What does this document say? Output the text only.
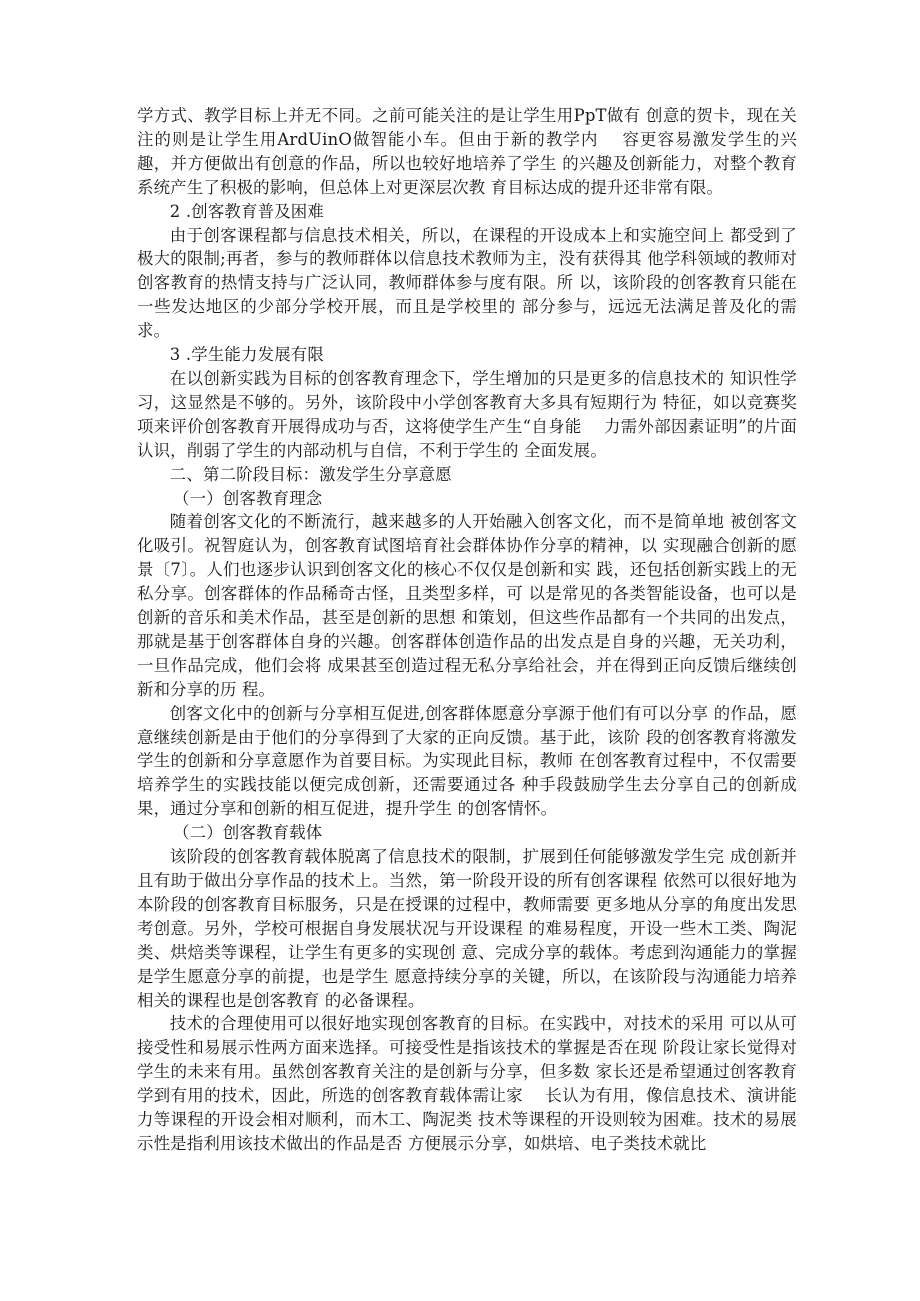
学方式、教学目标上并无不同。之前可能关注的是让学生用PpT做有 创意的贺卡，现在关注的则是让学生用ArdUinO做智能小车。但由于新的教学内　 容更容易激发学生的兴趣，并方便做出有创意的作品，所以也较好地培养了学生 的兴趣及创新能力，对整个教育系统产生了积极的影响，但总体上对更深层次教 育目标达成的提升还非常有限。

2 .创客教育普及困难

由于创客课程都与信息技术相关，所以，在课程的开设成本上和实施空间上 都受到了极大的限制;再者，参与的教师群体以信息技术教师为主，没有获得其 他学科领域的教师对创客教育的热情支持与广泛认同，教师群体参与度有限。所 以，该阶段的创客教育只能在一些发达地区的少部分学校开展，而且是学校里的 部分参与，远远无法满足普及化的需求。

3 .学生能力发展有限

在以创新实践为目标的创客教育理念下，学生增加的只是更多的信息技术的 知识性学习，这显然是不够的。另外，该阶段中小学创客教育大多具有短期行为 特征，如以竞赛奖项来评价创客教育开展得成功与否，这将使学生产生“自身能　 力需外部因素证明”的片面认识，削弱了学生的内部动机与自信，不利于学生的 全面发展。

二、第二阶段目标：激发学生分享意愿

（一）创客教育理念

随着创客文化的不断流行，越来越多的人开始融入创客文化，而不是简单地 被创客文化吸引。祝智庭认为，创客教育试图培育社会群体协作分享的精神，以 实现融合创新的愿景〔7〕。人们也逐步认识到创客文化的核心不仅仅是创新和实 践，还包括创新实践上的无私分享。创客群体的作品稀奇古怪，且类型多样，可 以是常见的各类智能设备，也可以是创新的音乐和美术作品，甚至是创新的思想 和策划，但这些作品都有一个共同的出发点，那就是基于创客群体自身的兴趣。创客群体创造作品的出发点是自身的兴趣，无关功利，一旦作品完成，他们会将 成果甚至创造过程无私分享给社会，并在得到正向反馈后继续创新和分享的历 程。

创客文化中的创新与分享相互促进,创客群体愿意分享源于他们有可以分享 的作品，愿意继续创新是由于他们的分享得到了大家的正向反馈。基于此，该阶 段的创客教育将激发学生的创新和分享意愿作为首要目标。为实现此目标，教师 在创客教育过程中，不仅需要培养学生的实践技能以便完成创新，还需要通过各 种手段鼓励学生去分享自己的创新成果，通过分享和创新的相互促进，提升学生 的创客情怀。

（二）创客教育载体

该阶段的创客教育载体脱离了信息技术的限制，扩展到任何能够激发学生完 成创新并且有助于做出分享作品的技术上。当然，第一阶段开设的所有创客课程 依然可以很好地为本阶段的创客教育目标服务，只是在授课的过程中，教师需要 更多地从分享的角度出发思考创意。另外，学校可根据自身发展状况与开设课程 的难易程度，开设一些木工类、陶泥类、烘焙类等课程，让学生有更多的实现创 意、完成分享的载体。考虑到沟通能力的掌握是学生愿意分享的前提，也是学生 愿意持续分享的关键，所以，在该阶段与沟通能力培养相关的课程也是创客教育 的必备课程。

技术的合理使用可以很好地实现创客教育的目标。在实践中，对技术的采用 可以从可接受性和易展示性两方面来选择。可接受性是指该技术的掌握是否在现 阶段让家长觉得对学生的未来有用。虽然创客教育关注的是创新与分享，但多数 家长还是希望通过创客教育学到有用的技术，因此，所选的创客教育载体需让家　 长认为有用，像信息技术、演讲能力等课程的开设会相对顺利，而木工、陶泥类 技术等课程的开设则较为困难。技术的易展示性是指利用该技术做出的作品是否 方便展示分享，如烘培、电子类技术就比
